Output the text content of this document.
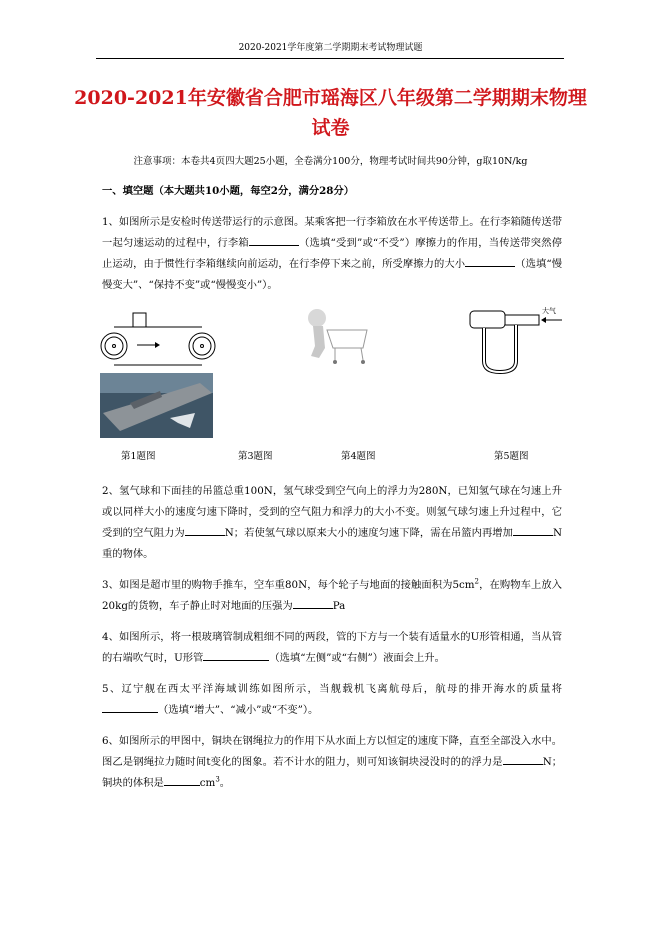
2020-2021学年度第二学期期末考试物理试题
2020-2021年安徽省合肥市瑶海区八年级第二学期期末物理
试卷
注意事项：本卷共4页四大题25小题，全卷满分100分，物理考试时间共90分钟，g取10N/kg
一、填空题（本大题共10小题，每空2分，满分28分）
1、如图所示是安检时传送带运行的示意图。某乘客把一行李箱放在水平传送带上。在行李箱随传送带一起匀速运动的过程中，行李箱	（选填“受到”或“不受”）摩擦力的作用，当传送带突然停止运动，由于惯性行李箱继续向前运动，在行李停下来之前，所受摩擦力的大小	（选填“慢慢变大”、“保持不变”或“慢慢变小”）。
大气
第1题图	第3题图	第4题图	第5题图
2、氢气球和下面挂的吊篮总重100N，氢气球受到空气向上的浮力为280N，已知氢气球在匀速上升或以同样大小的速度匀速下降时，受到的空气阻力和浮力的大小不变。则氢气球匀速上升过程中，它受到的空气阻力为	N；若使氢气球以原来大小的速度匀速下降，需在吊篮内再增加	N重的物体。
3、如图是超市里的购物手推车，空车重80N，每个轮子与地面的接触面积为$5cm^2$，在购物车上放入20kg的货物，车子静止时对地面的压强为	Pa
4、如图所示，将一根玻璃管制成粗细不同的两段，管的下方与一个装有适量水的U形管相通，当从管的右端吹气时，U形管	（选填“左侧”或“右侧”）液面会上升。
5、辽宁舰在西太平洋海域训练如图所示，当舰载机飞离航母后，航母的排开海水的质量将（选填“增大”、“减小”或“不变”）。
6、如图所示的甲图中，铜块在钢绳拉力的作用下从水面上方以恒定的速度下降，直至全部没入水中。图乙是钢绳拉力随时间t变化的图象。若不计水的阻力，则可知该铜块浸没时的的浮力是	N；铜块的体积是	$cm^3$。
